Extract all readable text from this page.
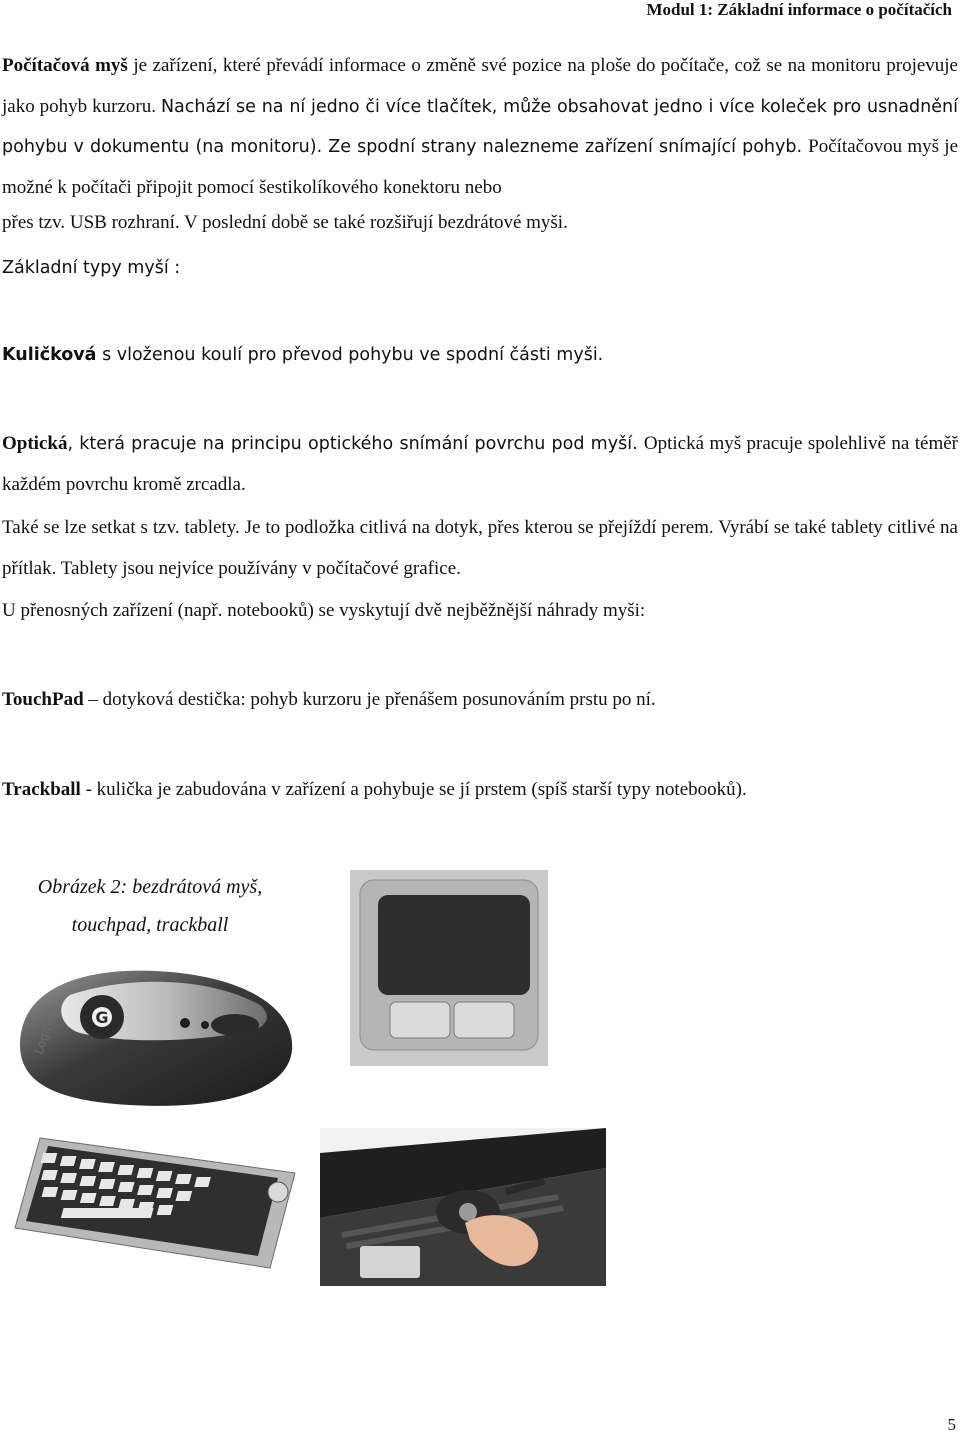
Modul 1: Základní informace o počítačích

Počítačová myš je zařízení, které převádí informace o změně své pozice na ploše do počítače, což se na monitoru projevuje jako pohyb kurzoru. Nachází se na ní jedno či více tlačítek, může obsahovat jedno i více koleček pro usnadnění pohybu v dokumentu (na monitoru). Ze spodní strany nalezneme zařízení snímající pohyb. Počítačovou myš je možné k počítači připojit pomocí šestikolíkového konektoru nebo

přes tzv. USB rozhraní. V poslední době se také rozšiřují bezdrátové myši.

Základní typy myší :

Kuličková s vloženou koulí pro převod pohybu ve spodní části myši.

Optická, která pracuje na principu optického snímání povrchu pod myší. Optická myš pracuje spolehlivě na téměř každém povrchu kromě zrcadla.

Také se lze setkat s tzv. tablety. Je to podložka citlivá na dotyk, přes kterou se přejíždí perem. Vyrábí se také tablety citlivé na přítlak. Tablety jsou nejvíce používány v počítačové grafice.

U přenosných zařízení (např. notebooků) se vyskytují dvě nejběžnější náhrady myši:

TouchPad – dotyková destička: pohyb kurzoru je přenášem posunováním prstu po ní.

Trackball - kulička je zabudována v zařízení a pohybuje se jí prstem (spíš starší typy notebooků).

Obrázek 2: bezdrátová myš,
touchpad, trackball
G
Logitech
5
